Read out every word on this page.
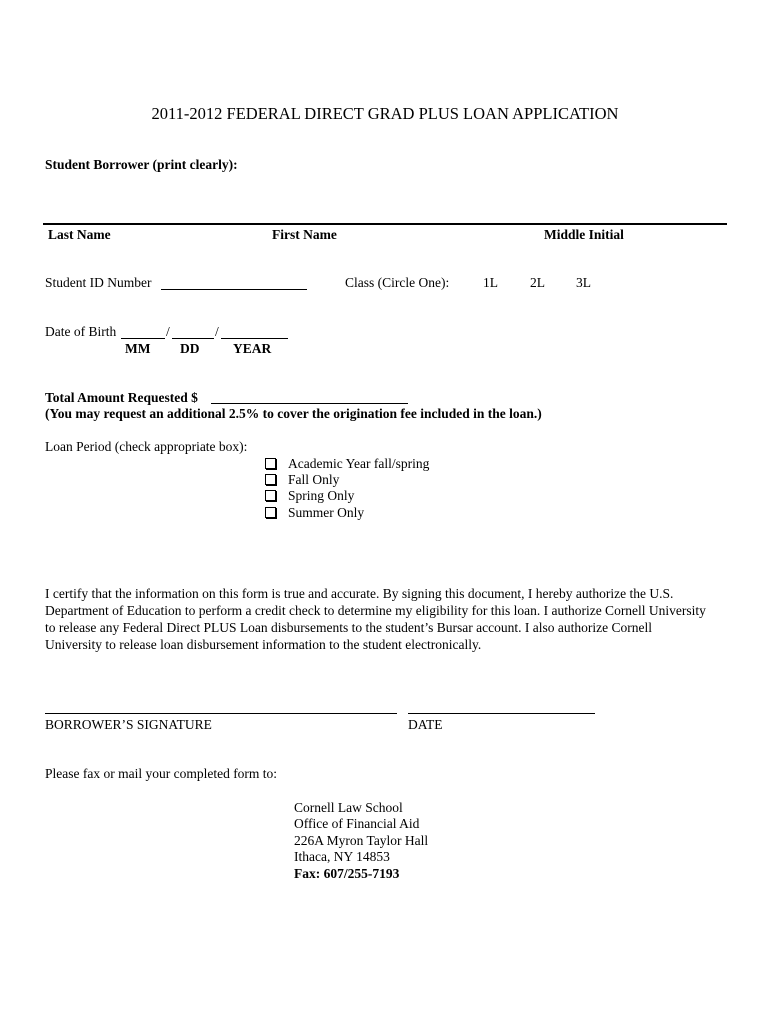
2011-2012 FEDERAL DIRECT GRAD PLUS LOAN APPLICATION
Student Borrower (print clearly):
Last Name	First Name	Middle Initial
Student ID Number	Class (Circle One):	1L 2L 3L
Date of Birth	/	/
MM DD YEAR
Total Amount Requested $
(You may request an additional 2.5% to cover the origination fee included in the loan.)
Loan Period (check appropriate box):
Academic Year fall/spring
Fall Only
Spring Only
Summer Only
I certify that the information on this form is true and accurate. By signing this document, I hereby authorize the U.S.
Department of Education to perform a credit check to determine my eligibility for this loan. I authorize Cornell University
to release any Federal Direct PLUS Loan disbursements to the student’s Bursar account. I also authorize Cornell
University to release loan disbursement information to the student electronically.
BORROWER’S SIGNATURE	DATE
Please fax or mail your completed form to:
Cornell Law School
Office of Financial Aid
226A Myron Taylor Hall
Ithaca, NY 14853
Fax: 607/255-7193
